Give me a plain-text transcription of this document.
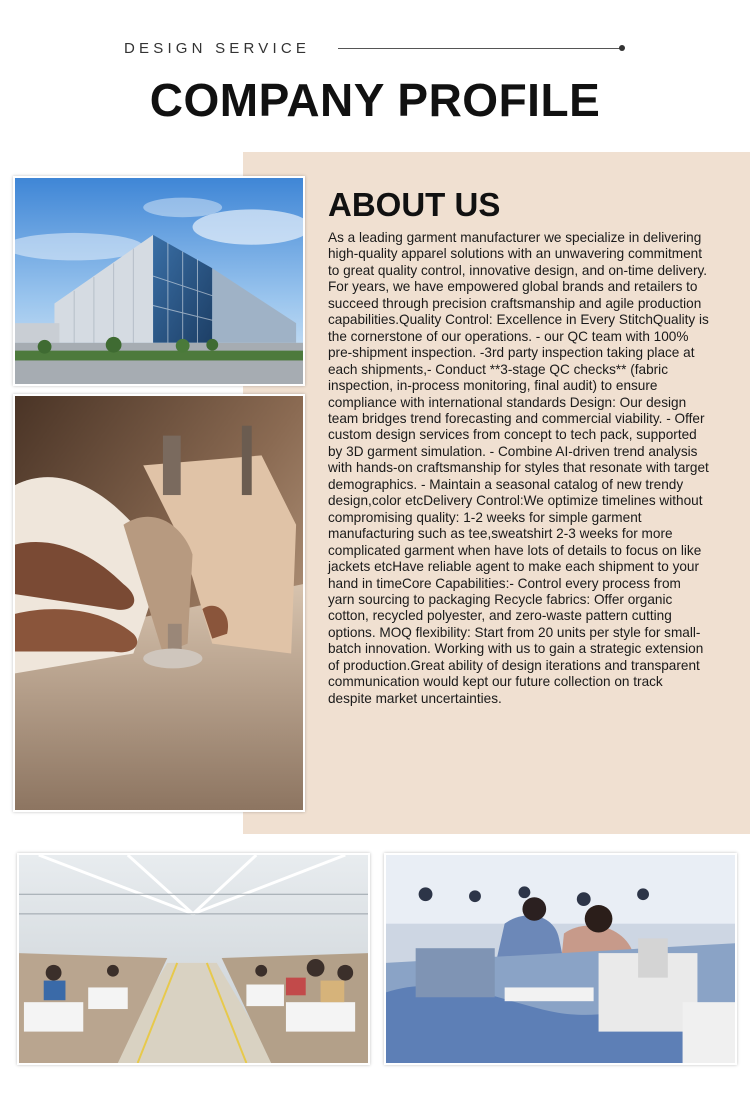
DESIGN SERVICE
COMPANY PROFILE
ABOUT US
As a leading garment manufacturer we specialize in delivering high-quality apparel solutions with an unwavering commitment to great quality control, innovative design, and on-time delivery. For years, we have empowered global brands and retailers to succeed through precision craftsmanship and agile production capabilities.Quality Control: Excellence in Every StitchQuality is the cornerstone of our operations. - our QC team with 100% pre-shipment inspection. -3rd party inspection taking place at each shipments,- Conduct **3-stage QC checks** (fabric inspection, in-process monitoring, final audit) to ensure compliance with international standards Design: Our design team bridges trend forecasting and commercial viability. - Offer custom design services from concept to tech pack, supported by 3D garment simulation. - Combine AI-driven trend analysis with hands-on craftsmanship for styles that resonate with target demographics. - Maintain a seasonal catalog of new trendy design,color etcDelivery Control:We optimize timelines without compromising quality: 1-2 weeks for simple garment manufacturing such as tee,sweatshirt 2-3 weeks for more complicated garment when have lots of details to focus on like jackets etcHave reliable agent to make each shipment to your hand in timeCore Capabilities:- Control every process from yarn sourcing to packaging Recycle fabrics: Offer organic cotton, recycled polyester, and zero-waste pattern cutting options. MOQ flexibility: Start from 20 units per style for small-batch innovation. Working with us to gain a strategic extension of production.Great ability of design iterations and transparent communication would kept our future collection on track despite market uncertainties.
